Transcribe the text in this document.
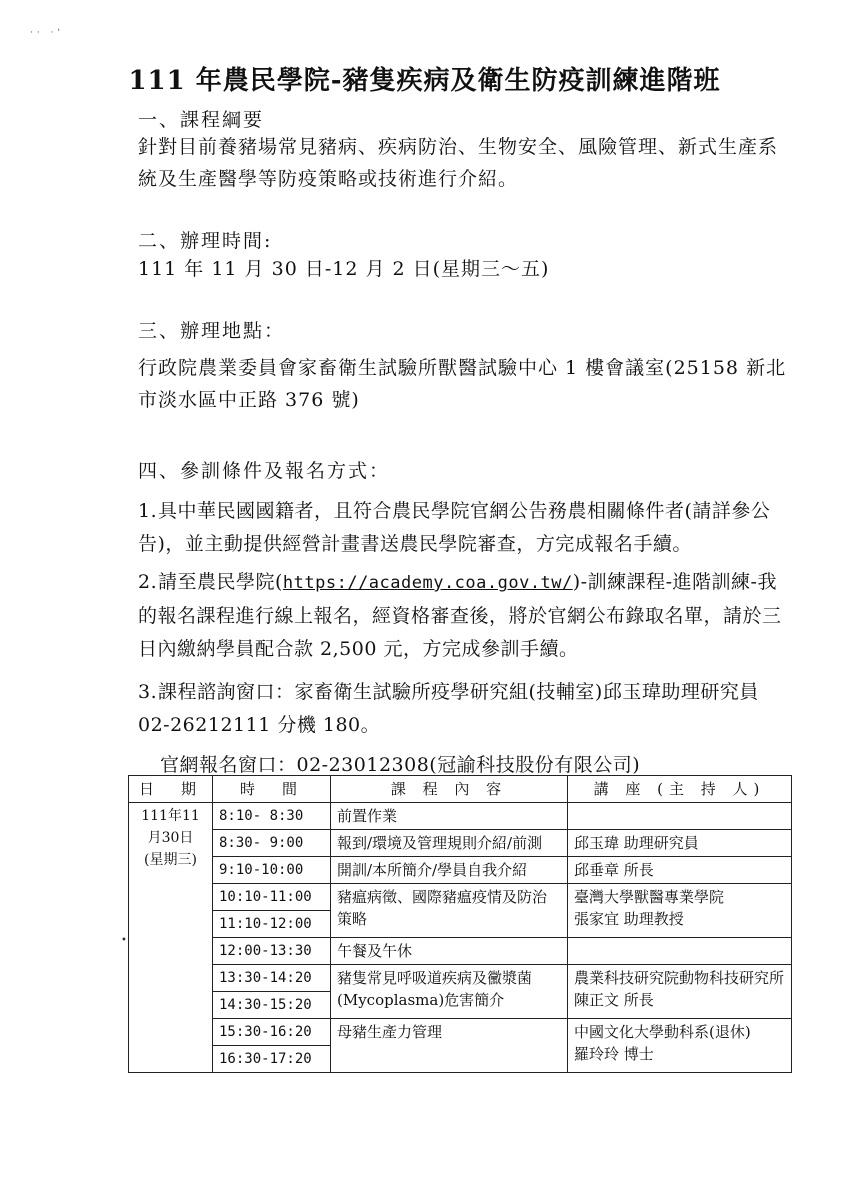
·· ·'
111 年農民學院-豬隻疾病及衛生防疫訓練進階班
一、課程綱要
針對目前養豬場常見豬病、疾病防治、生物安全、風險管理、新式生產系統及生產醫學等防疫策略或技術進行介紹。
二、辦理時間:
111 年 11 月 30 日-12 月 2 日(星期三～五)
三、辦理地點：
行政院農業委員會家畜衛生試驗所獸醫試驗中心 1 樓會議室(25158 新北市淡水區中正路 376 號)
四、參訓條件及報名方式：
1.具中華民國國籍者，且符合農民學院官網公告務農相關條件者(請詳參公告)，並主動提供經營計畫書送農民學院審查，方完成報名手續。
2.請至農民學院(https://academy.coa.gov.tw/)-訓練課程-進階訓練-我的報名課程進行線上報名，經資格審查後，將於官網公布錄取名單，請於三日內繳納學員配合款 2,500 元，方完成參訓手續。
3.課程諮詢窗口：家畜衛生試驗所疫學研究組(技輔室)邱玉瑋助理研究員 02-26212111 分機 180。
官網報名窗口：02-23012308(冠諭科技股份有限公司)
•
日　期	時　間	課 程 內 容	講 座 (主 持 人)

111年11
月30日
(星期三)	8:10- 8:30	前置作業	
	8:30- 9:00	報到/環境及管理規則介紹/前測	邱玉瑋 助理研究員
	9:10-10:00	開訓/本所簡介/學員自我介紹	邱垂章 所長
	10:10-11:00	豬瘟病徵、國際豬瘟疫情及防治策略	臺灣大學獸醫專業學院
張家宜 助理教授

	11:10-12:00		
	12:00-13:30	午餐及午休	
	13:30-14:20	豬隻常見呼吸道疾病及黴漿菌(Mycoplasma)危害簡介	農業科技研究院動物科技研究所
陳正文 所長

	14:30-15:20		
	15:30-16:20	母豬生產力管理	中國文化大學動科系(退休)
羅玲玲 博士

	16:30-17:20		
